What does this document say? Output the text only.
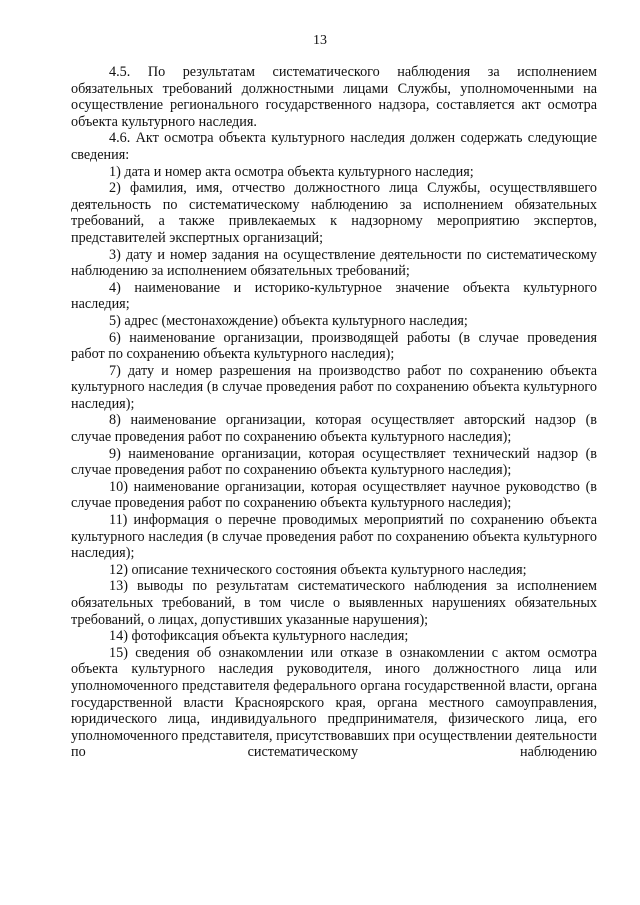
13

4.5. По результатам систематического наблюдения за исполнением обязательных требований должностными лицами Службы, уполномоченными на осуществление регионального государственного надзора, составляется акт осмотра объекта культурного наследия.

4.6. Акт осмотра объекта культурного наследия должен содержать следующие сведения:

1) дата и номер акта осмотра объекта культурного наследия;

2) фамилия, имя, отчество должностного лица Службы, осуществлявшего деятельность по систематическому наблюдению за исполнением обязательных требований, а также привлекаемых к надзорному мероприятию экспертов, представителей экспертных организаций;

3) дату и номер задания на осуществление деятельности по систематическому наблюдению за исполнением обязательных требований;

4) наименование и историко-культурное значение объекта культурного наследия;

5) адрес (местонахождение) объекта культурного наследия;

6) наименование организации, производящей работы (в случае проведения работ по сохранению объекта культурного наследия);

7) дату и номер разрешения на производство работ по сохранению объекта культурного наследия (в случае проведения работ по сохранению объекта культурного наследия);

8) наименование организации, которая осуществляет авторский надзор (в случае проведения работ по сохранению объекта культурного наследия);

9) наименование организации, которая осуществляет технический надзор (в случае проведения работ по сохранению объекта культурного наследия);

10) наименование организации, которая осуществляет научное руководство (в случае проведения работ по сохранению объекта культурного наследия);

11) информация о перечне проводимых мероприятий по сохранению объекта культурного наследия (в случае проведения работ по сохранению объекта культурного наследия);

12) описание технического состояния объекта культурного наследия;

13) выводы по результатам систематического наблюдения за исполнением обязательных требований, в том числе о выявленных нарушениях обязательных требований, о лицах, допустивших указанные нарушения);

14) фотофиксация объекта культурного наследия;

15) сведения об ознакомлении или отказе в ознакомлении с актом осмотра объекта культурного наследия руководителя, иного должностного лица или уполномоченного представителя федерального органа государственной власти, органа государственной власти Красноярского края, органа местного самоуправления, юридического лица, индивидуального предпринимателя, физического лица, его уполномоченного представителя, присутствовавших при осуществлении деятельности по систематическому наблюдению
